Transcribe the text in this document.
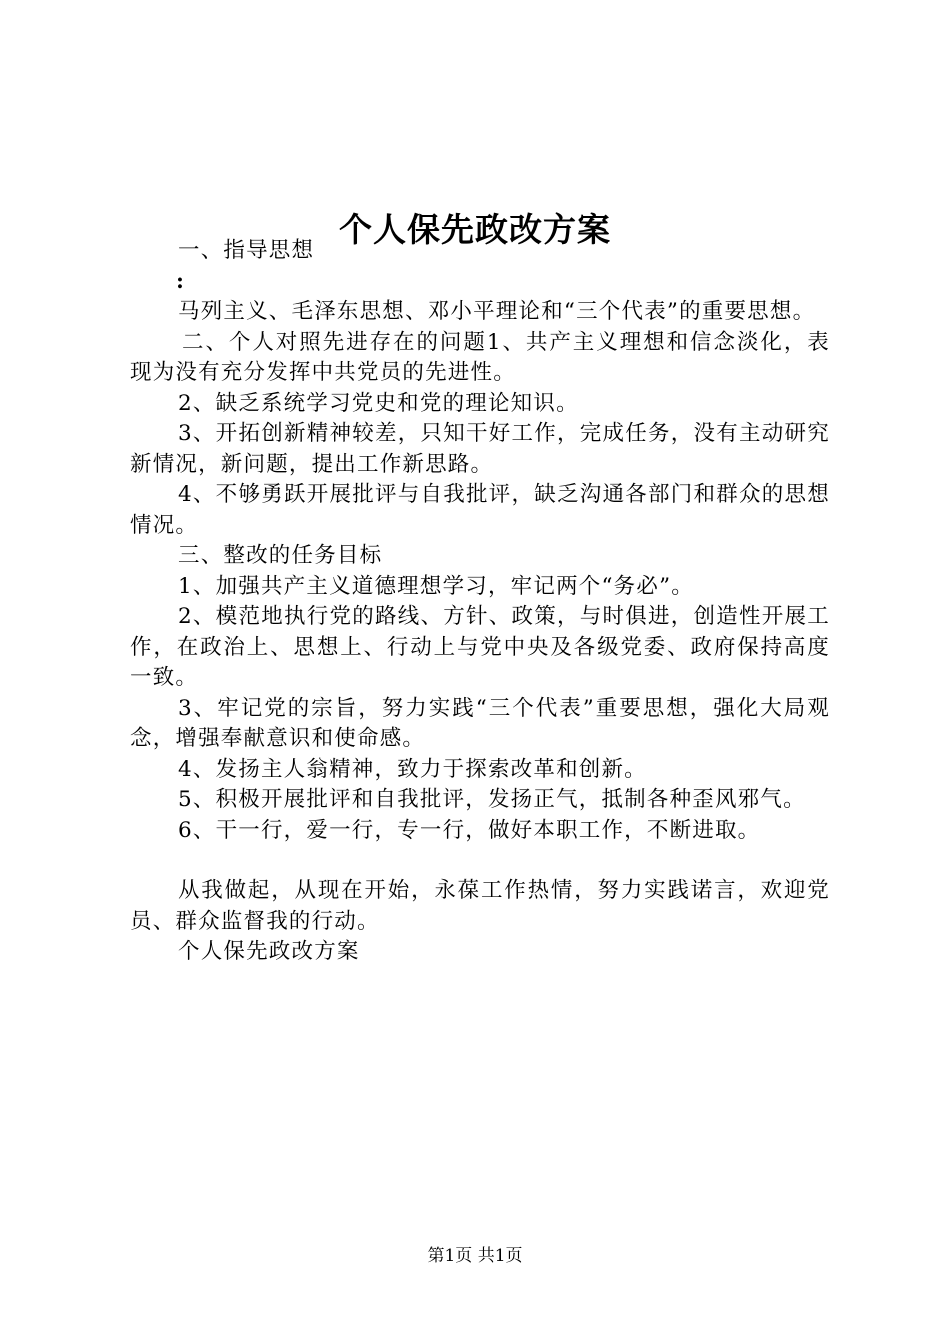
个人保先政改方案

一、指导思想

:

马列主义、毛泽东思想、邓小平理论和“三个代表”的重要思想。

二、个人对照先进存在的问题1、共产主义理想和信念淡化，表现为没有充分发挥中共党员的先进性。

2、缺乏系统学习党史和党的理论知识。

3、开拓创新精神较差，只知干好工作，完成任务，没有主动研究新情况，新问题，提出工作新思路。

4、不够勇跃开展批评与自我批评，缺乏沟通各部门和群众的思想情况。

三、整改的任务目标

1、加强共产主义道德理想学习，牢记两个“务必”。

2、模范地执行党的路线、方针、政策，与时俱进，创造性开展工作，在政治上、思想上、行动上与党中央及各级党委、政府保持高度一致。

3、牢记党的宗旨，努力实践“三个代表”重要思想，强化大局观念，增强奉献意识和使命感。

4、发扬主人翁精神，致力于探索改革和创新。

5、积极开展批评和自我批评，发扬正气，抵制各种歪风邪气。

6、干一行，爱一行，专一行，做好本职工作，不断进取。

从我做起，从现在开始，永葆工作热情，努力实践诺言，欢迎党员、群众监督我的行动。

个人保先政改方案

第1页 共1页
